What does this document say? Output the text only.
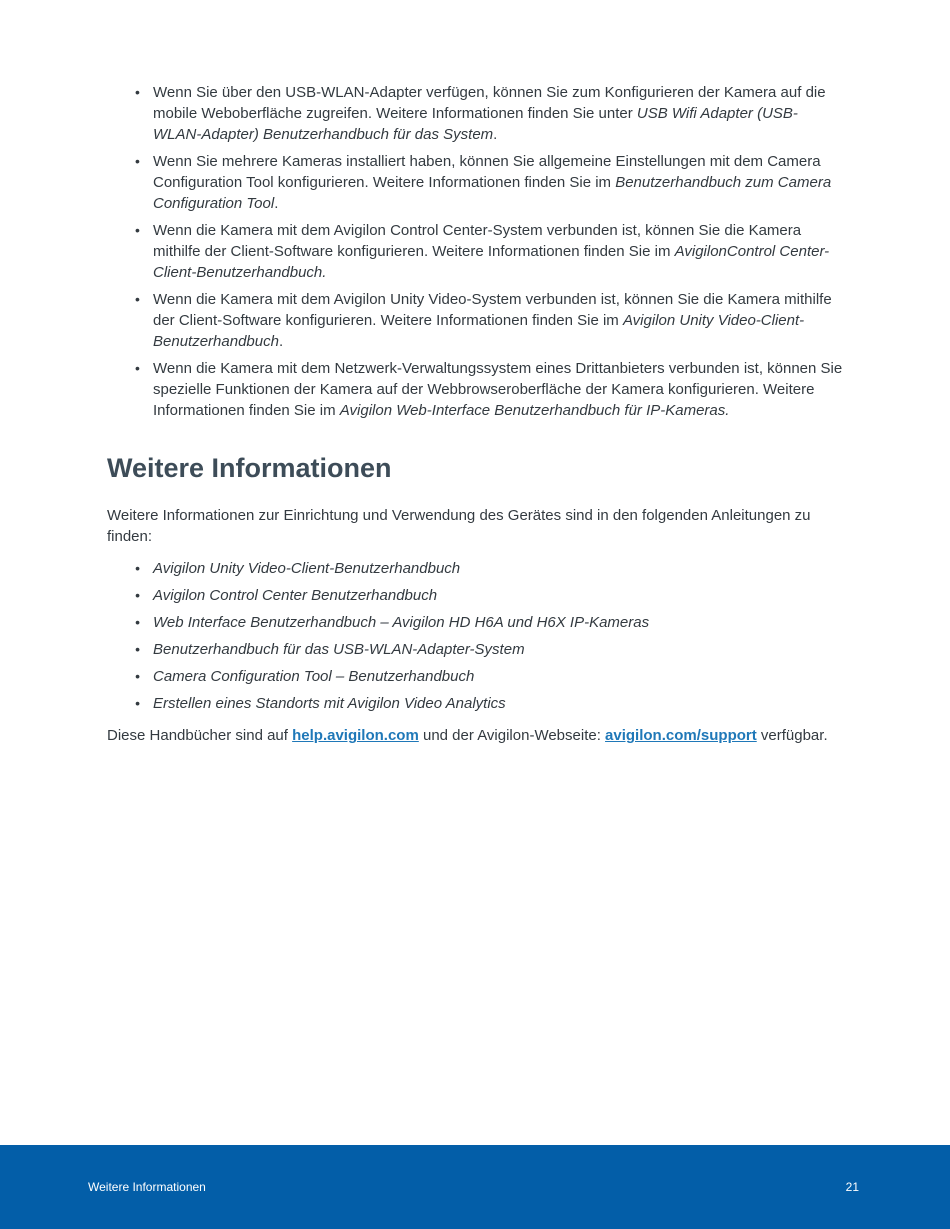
• Wenn Sie über den USB-WLAN-Adapter verfügen, können Sie zum Konfigurieren der Kamera auf die mobile Weboberfläche zugreifen. Weitere Informationen finden Sie unter USB Wifi Adapter (USB-WLAN-Adapter) Benutzerhandbuch für das System.
• Wenn Sie mehrere Kameras installiert haben, können Sie allgemeine Einstellungen mit dem Camera Configuration Tool konfigurieren. Weitere Informationen finden Sie im Benutzerhandbuch zum Camera Configuration Tool.
• Wenn die Kamera mit dem Avigilon Control Center-System verbunden ist, können Sie die Kamera mithilfe der Client-Software konfigurieren. Weitere Informationen finden Sie im AvigilonControl Center-Client-Benutzerhandbuch.
• Wenn die Kamera mit dem Avigilon Unity Video-System verbunden ist, können Sie die Kamera mithilfe der Client-Software konfigurieren. Weitere Informationen finden Sie im Avigilon Unity Video-Client-Benutzerhandbuch.
• Wenn die Kamera mit dem Netzwerk-Verwaltungssystem eines Drittanbieters verbunden ist, können Sie spezielle Funktionen der Kamera auf der Webbrowseroberfläche der Kamera konfigurieren. Weitere Informationen finden Sie im Avigilon Web-Interface Benutzerhandbuch für IP-Kameras.
Weitere Informationen

Weitere Informationen zur Einrichtung und Verwendung des Gerätes sind in den folgenden Anleitungen zu finden:

• Avigilon Unity Video-Client-Benutzerhandbuch
• Avigilon Control Center Benutzerhandbuch
• Web Interface Benutzerhandbuch – Avigilon HD H6A und H6X IP-Kameras
• Benutzerhandbuch für das USB-WLAN-Adapter-System
• Camera Configuration Tool – Benutzerhandbuch
• Erstellen eines Standorts mit Avigilon Video Analytics

Diese Handbücher sind auf help.avigilon.com und der Avigilon-Webseite: avigilon.com/support verfügbar.

Weitere Informationen	21
